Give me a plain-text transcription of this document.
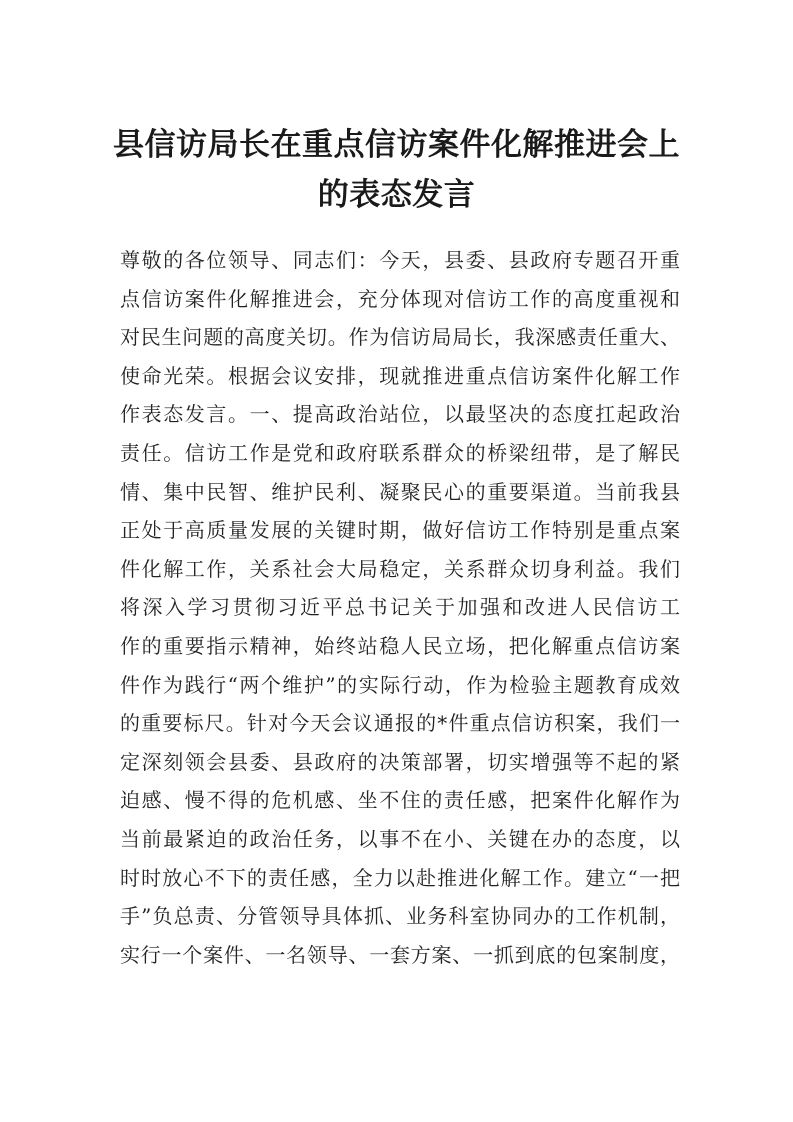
县信访局长在重点信访案件化解推进会上
的表态发言
尊敬的各位领导、同志们：今天，县委、县政府专题召开重
点信访案件化解推进会，充分体现对信访工作的高度重视和
对民生问题的高度关切。作为信访局局长，我深感责任重大、
使命光荣。根据会议安排，现就推进重点信访案件化解工作
作表态发言。一、提高政治站位，以最坚决的态度扛起政治
责任。信访工作是党和政府联系群众的桥梁纽带，是了解民
情、集中民智、维护民利、凝聚民心的重要渠道。当前我县
正处于高质量发展的关键时期，做好信访工作特别是重点案
件化解工作，关系社会大局稳定，关系群众切身利益。我们
将深入学习贯彻习近平总书记关于加强和改进人民信访工
作的重要指示精神，始终站稳人民立场，把化解重点信访案
件作为践行“两个维护”的实际行动，作为检验主题教育成效
的重要标尺。针对今天会议通报的*件重点信访积案，我们一
定深刻领会县委、县政府的决策部署，切实增强等不起的紧
迫感、慢不得的危机感、坐不住的责任感，把案件化解作为
当前最紧迫的政治任务，以事不在小、关键在办的态度，以
时时放心不下的责任感，全力以赴推进化解工作。建立“一把
手”负总责、分管领导具体抓、业务科室协同办的工作机制，
实行一个案件、一名领导、一套方案、一抓到底的包案制度，
